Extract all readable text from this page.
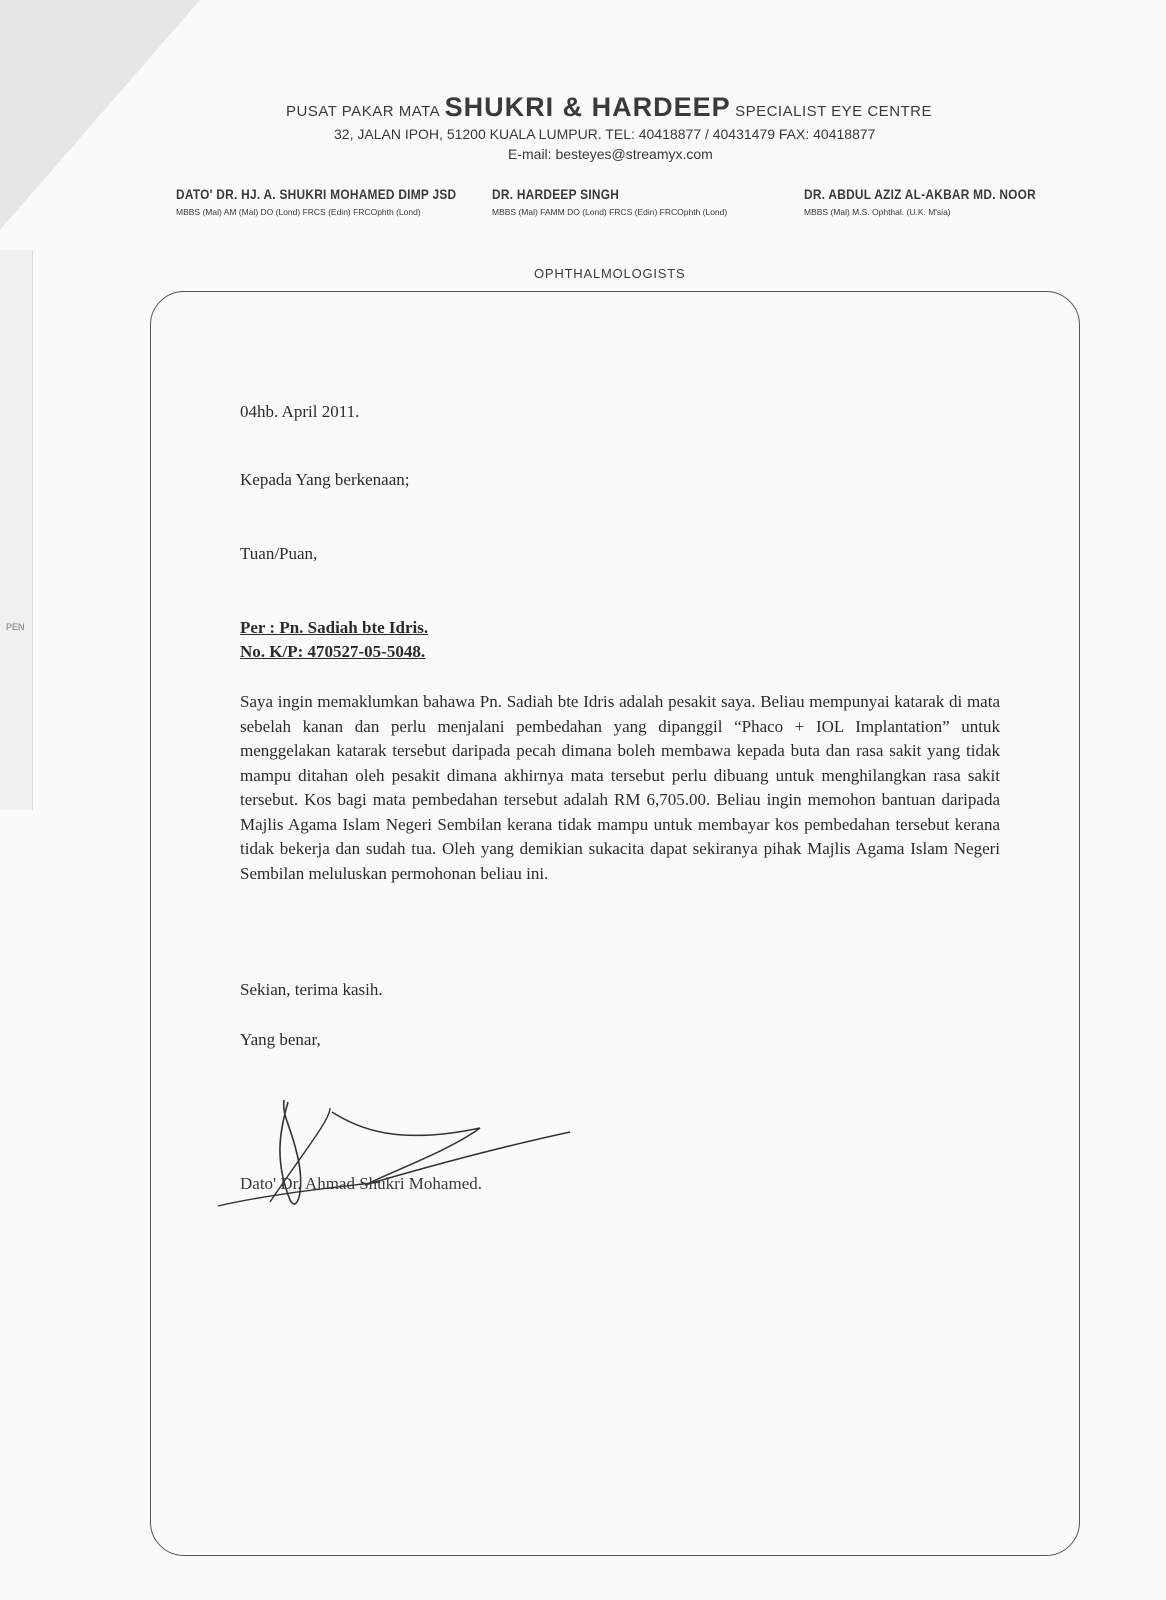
PEN
PUSAT PAKAR MATA SHUKRI & HARDEEP SPECIALIST EYE CENTRE
32, JALAN IPOH, 51200 KUALA LUMPUR. TEL: 40418877 / 40431479 FAX: 40418877
E-mail: besteyes@streamyx.com
DATO' DR. HJ. A. SHUKRI MOHAMED DIMP JSD
MBBS (Mal) AM (Mal) DO (Lond) FRCS (Edin) FRCOphth (Lond)
DR. HARDEEP SINGH
MBBS (Mal) FAMM DO (Lond) FRCS (Edin) FRCOphth (Lond)
DR. ABDUL AZIZ AL-AKBAR MD. NOOR
MBBS (Mal) M.S. Ophthal. (U.K. M'sia)
OPHTHALMOLOGISTS
04hb. April 2011.
Kepada Yang berkenaan;
Tuan/Puan,
Per : Pn. Sadiah bte Idris.
No. K/P: 470527-05-5048.
Saya ingin memaklumkan bahawa Pn. Sadiah bte Idris adalah pesakit saya. Beliau mempunyai katarak di mata sebelah kanan dan perlu menjalani pembedahan yang dipanggil “Phaco + IOL Implantation” untuk menggelakan katarak tersebut daripada pecah dimana boleh membawa kepada buta dan rasa sakit yang tidak mampu ditahan oleh pesakit dimana akhirnya mata tersebut perlu dibuang untuk menghilangkan rasa sakit tersebut. Kos bagi mata pembedahan tersebut adalah RM 6,705.00. Beliau ingin memohon bantuan daripada Majlis Agama Islam Negeri Sembilan kerana tidak mampu untuk membayar kos pembedahan tersebut kerana tidak bekerja dan sudah tua. Oleh yang demikian sukacita dapat sekiranya pihak Majlis Agama Islam Negeri Sembilan meluluskan permohonan beliau ini.
Sekian, terima kasih.
Yang benar,
Dato' Dr. Ahmad Shukri Mohamed.
